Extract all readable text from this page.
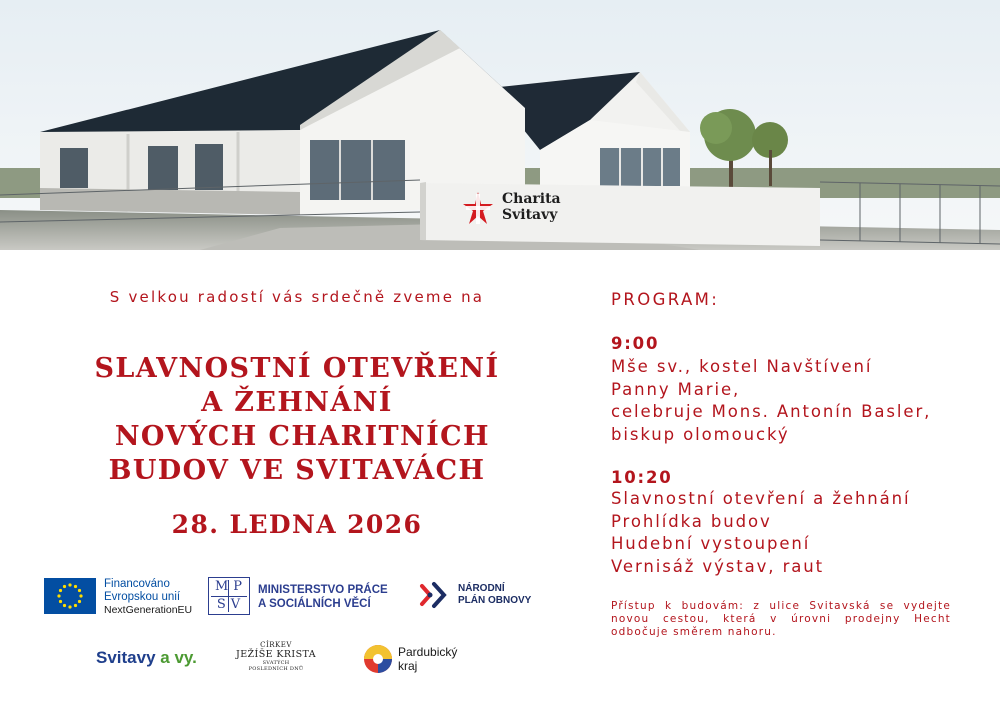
Charita
Svitavy
S velkou radostí vás srdečně zveme na
SLAVNOSTNÍ OTEVŘENÍ
A ŽEHNÁNÍ
NOVÝCH CHARITNÍCH
BUDOV VE SVITAVÁCH
28. LEDNA 2026
Financováno
Evropskou unií
NextGenerationEU
MP
SV
MINISTERSTVO PRÁCE
A SOCIÁLNÍCH VĚCÍ
NÁRODNÍ
PLÁN OBNOVY
Svitavy a vy.
CÍRKEV
JEŽÍŠE KRISTA
SVATÝCH
POSLEDNÍCH DNŮ
Pardubický
kraj
PROGRAM:
9:00
Mše sv., kostel Navštívení
Panny Marie,
celebruje Mons. Antonín Basler,
biskup olomoucký
10:20
Slavnostní otevření a žehnání
Prohlídka budov
Hudební vystoupení
Vernisáž výstav, raut
Přístup k budovám: z ulice Svitavská se vydejte novou cestou, která v úrovni prodejny Hecht odbočuje směrem nahoru.
